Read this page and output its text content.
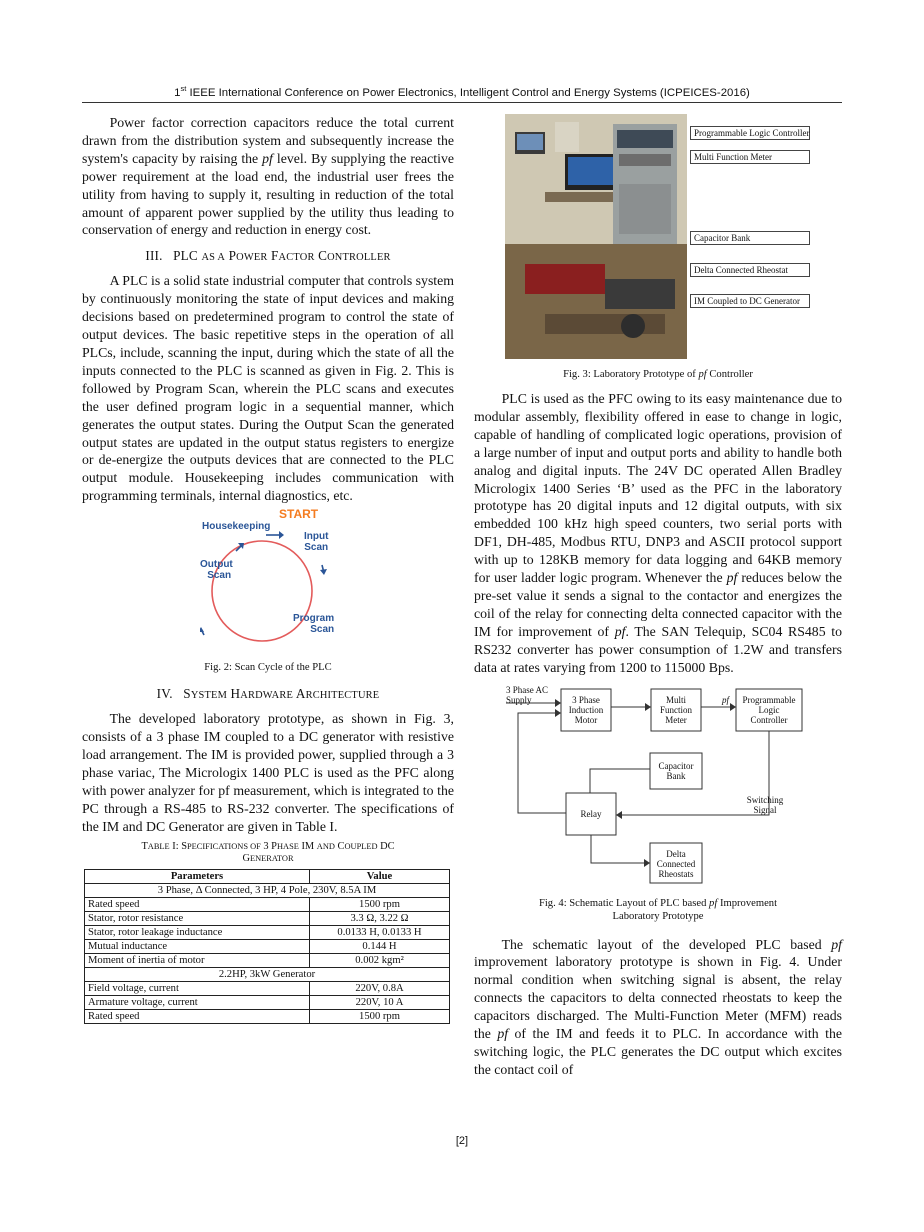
1st IEEE International Conference on Power Electronics, Intelligent Control and Energy Systems (ICPEICES-2016)

Power factor correction capacitors reduce the total current drawn from the distribution system and subsequently increase the system's capacity by raising the pf level. By supplying the reactive power requirement at the load end, the industrial user frees the utility from having to supply it, resulting in reduction of the total amount of apparent power supplied by the utility thus leading to conservation of energy and reduction in energy cost.

III. PLC AS A POWER FACTOR CONTROLLER

A PLC is a solid state industrial computer that controls system by continuously monitoring the state of input devices and making decisions based on predetermined program to control the state of output devices. The basic repetitive steps in the operation of all PLCs, include, scanning the input, during which the state of all the inputs connected to the PLC is scanned as given in Fig. 2. This is followed by Program Scan, wherein the PLC scans and executes the user defined program logic in a sequential manner, which generates the output states. During the Output Scan the generated output states are updated in the output status registers to energize or de-energize the outputs devices that are connected to the PLC output module. Housekeeping includes communication with programming terminals, internal diagnostics, etc.

START
Housekeeping
Input
Scan
Output
Scan
Program
Scan
Fig. 2: Scan Cycle of the PLC
IV. SYSTEM HARDWARE ARCHITECTURE

The developed laboratory prototype, as shown in Fig. 3, consists of a 3 phase IM coupled to a DC generator with resistive load arrangement. The IM is provided power, supplied through a 3 phase variac, The Micrologix 1400 PLC is used as the PFC along with power analyzer for pf measurement, which is integrated to the PC through a RS-485 to RS-232 converter. The specifications of the IM and DC Generator are given in Table I.

TABLE I: SPECIFICATIONS OF 3 PHASE IM AND COUPLED DC
GENERATOR
Parameters	Value
3 Phase, Δ Connected, 3 HP, 4 Pole, 230V, 8.5A IM	
Rated speed	1500 rpm
Stator, rotor resistance	3.3 Ω, 3.22 Ω
Stator, rotor leakage inductance	0.0133 H, 0.0133 H
Mutual inductance	0.144 H
Moment of inertia of motor	0.002 kgm²
2.2HP, 3kW Generator	
Field voltage, current	220V, 0.8A
Armature voltage, current	220V, 10 A
Rated speed	1500 rpm
Programmable Logic Controller
Multi Function Meter
Capacitor Bank
Delta Connected Rheostat
IM Coupled to DC Generator
Fig. 3: Laboratory Prototype of pf Controller

PLC is used as the PFC owing to its easy maintenance due to modular assembly, flexibility offered in ease to change in logic, capable of handling of complicated logic operations, provision of a large number of input and output ports and ability to handle both analog and digital inputs. The 24V DC operated Allen Bradley Micrologix 1400 Series ‘B’ used as the PFC in the laboratory prototype has 20 digital inputs and 12 digital outputs, with six embedded 100 kHz high speed counters, two serial ports with DF1, DH-485, Modbus RTU, DNP3 and ASCII protocol support with up to 128KB memory for data logging and 64KB memory for user ladder logic program. Whenever the pf reduces below the pre-set value it sends a signal to the contactor and energizes the coil of the relay for connecting delta connected capacitor with the IM for improvement of pf. The SAN Telequip, SC04 RS485 to RS232 converter has power consumption of 1.2W and transfers data at rates varying from 1200 to 115000 Bps.

3 Phase AC
Supply	3 Phase
Induction
Motor
Multi
Function
Meter
pf	Programmable
Logic
Controller
Capacitor
Bank
Relay
Switching
Signal
Delta
Connected
Rheostats
Fig. 4: Schematic Layout of PLC based pf Improvement
Laboratory Prototype

The schematic layout of the developed PLC based pf improvement laboratory prototype is shown in Fig. 4. Under normal condition when switching signal is absent, the relay connects the capacitors to delta connected rheostats to keep the capacitors discharged. The Multi-Function Meter (MFM) reads the pf of the IM and feeds it to PLC. In accordance with the switching logic, the PLC generates the DC output which excites the contact coil of

[2]
